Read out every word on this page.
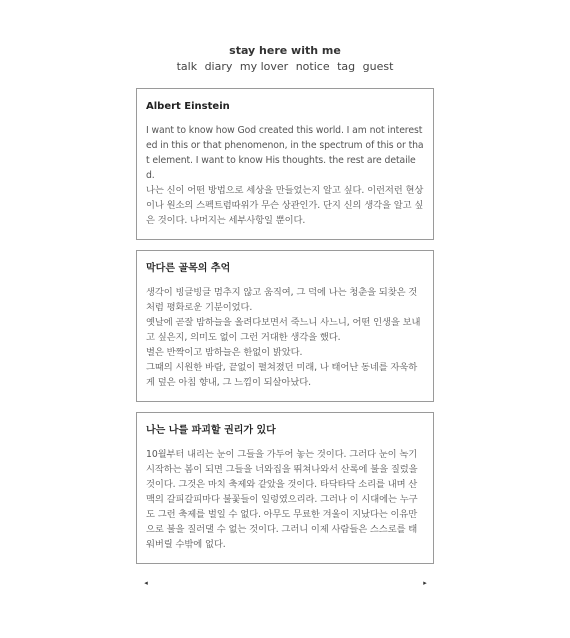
stay here with me
talk diary my lover notice tag guest
Albert Einstein

I want to know how God created this world. I am not interested in this or that phenomenon, in the spectrum of this or that element. I want to know His thoughts. the rest are detailed.

나는 신이 어떤 방법으로 세상을 만들었는지 알고 싶다. 이런저런 현상이나 원소의 스펙트럼따위가 무슨 상관인가. 단지 신의 생각을 알고 싶은 것이다. 나머지는 세부사항일 뿐이다.

막다른 골목의 추억

생각이 빙글빙글 멈추지 않고 움직여, 그 덕에 나는 청춘을 되찾은 것처럼 평화로운 기분이었다.

옛날에 곧잘 밤하늘을 올려다보면서 죽느니 사느니, 어떤 인생을 보내고 싶은지, 의미도 없이 그런 거대한 생각을 했다.

별은 반짝이고 밤하늘은 한없이 밝았다.

그때의 시원한 바람, 끝없이 펼쳐졌던 미래, 나 태어난 동네를 자욱하게 덮은 아침 향내, 그 느낌이 되살아났다.

나는 나를 파괴할 권리가 있다

10월부터 내리는 눈이 그들을 가두어 놓는 것이다. 그러다 눈이 녹기 시작하는 봄이 되면 그들을 너와집을 뛰쳐나와서 산록에 불을 질렀을 것이다. 그것은 마치 축제와 같았을 것이다. 타닥타닥 소리를 내며 산맥의 갈피갈피마다 불꽃들이 일렁였으리라. 그러나 이 시대에는 누구도 그런 축제를 벌일 수 없다. 아무도 무료한 겨울이 지났다는 이유만으로 불을 질러댈 수 없는 것이다. 그러니 이제 사람들은 스스로를 태워버릴 수밖에 없다.

◂	▸
